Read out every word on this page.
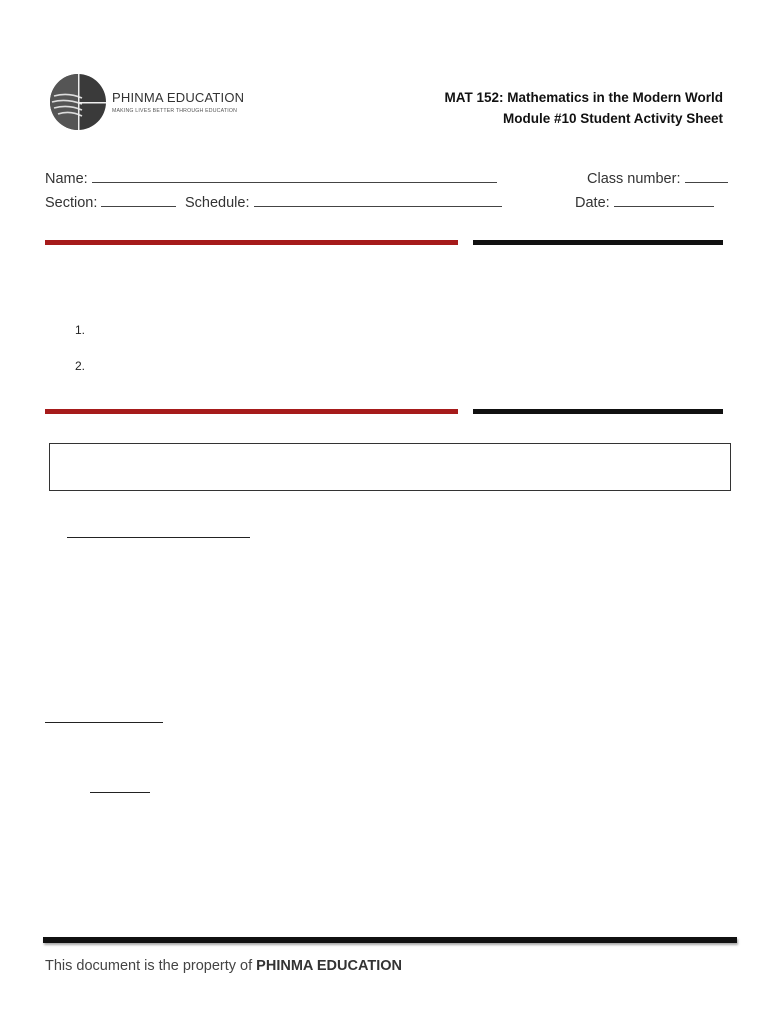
PHINMA EDUCATION
MAKING LIVES BETTER THROUGH EDUCATION
MAT 152: Mathematics in the Modern World
Module #10 Student Activity Sheet
Name:	Class number:
Section:	Schedule:	Date:
1.
2.
This document is the property of PHINMA EDUCATION
